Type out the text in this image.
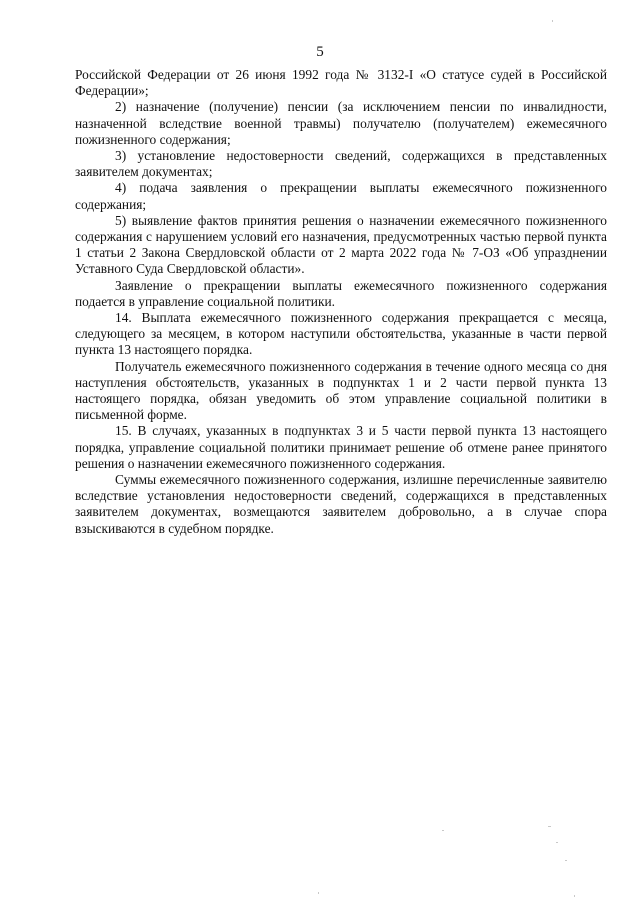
5

Российской Федерации от 26 июня 1992 года № 3132-I «О статусе судей в Российской Федерации»;

2) назначение (получение) пенсии (за исключением пенсии по инвалидности, назначенной вследствие военной травмы) получателю (получателем) ежемесячного пожизненного содержания;

3) установление недостоверности сведений, содержащихся в представленных заявителем документах;

4) подача заявления о прекращении выплаты ежемесячного пожизненного содержания;

5) выявление фактов принятия решения о назначении ежемесячного пожизненного содержания с нарушением условий его назначения, предусмотренных частью первой пункта 1 статьи 2 Закона Свердловской области от 2 марта 2022 года № 7-ОЗ «Об упразднении Уставного Суда Свердловской области».

Заявление о прекращении выплаты ежемесячного пожизненного содержания подается в управление социальной политики.

14. Выплата ежемесячного пожизненного содержания прекращается с месяца, следующего за месяцем, в котором наступили обстоятельства, указанные в части первой пункта 13 настоящего порядка.

Получатель ежемесячного пожизненного содержания в течение одного месяца со дня наступления обстоятельств, указанных в подпунктах 1 и 2 части первой пункта 13 настоящего порядка, обязан уведомить об этом управление социальной политики в письменной форме.

15. В случаях, указанных в подпунктах 3 и 5 части первой пункта 13 настоящего порядка, управление социальной политики принимает решение об отмене ранее принятого решения о назначении ежемесячного пожизненного содержания.

Суммы ежемесячного пожизненного содержания, излишне перечисленные заявителю вследствие установления недостоверности сведений, содержащихся в представленных заявителем документах, возмещаются заявителем добровольно, а в случае спора взыскиваются в судебном порядке.
